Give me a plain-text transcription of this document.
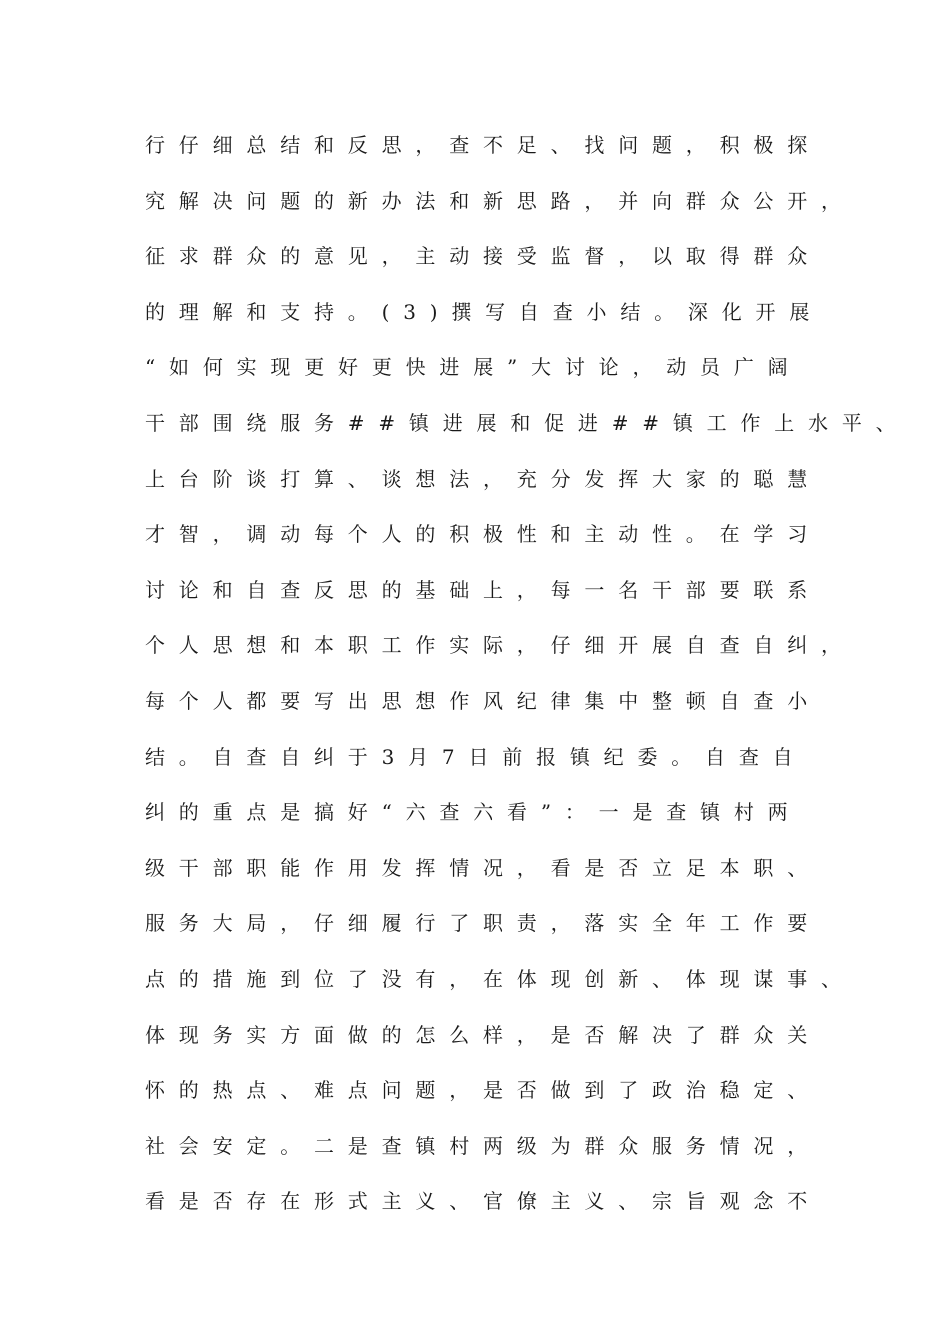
行仔细总结和反思，查不足、找问题，积极探
究解决问题的新办法和新思路，并向群众公开，
征求群众的意见，主动接受监督，以取得群众
的理解和支持。(3)撰写自查小结。深化开展
“如何实现更好更快进展”大讨论，动员广阔
干部围绕服务##镇进展和促进##镇工作上水平、
上台阶谈打算、谈想法，充分发挥大家的聪慧
才智，调动每个人的积极性和主动性。在学习
讨论和自查反思的基础上，每一名干部要联系
个人思想和本职工作实际，仔细开展自查自纠，
每个人都要写出思想作风纪律集中整顿自查小
结。自查自纠于3月7日前报镇纪委。自查自
纠的重点是搞好“六查六看”：一是查镇村两
级干部职能作用发挥情况，看是否立足本职、
服务大局，仔细履行了职责，落实全年工作要
点的措施到位了没有，在体现创新、体现谋事、
体现务实方面做的怎么样，是否解决了群众关
怀的热点、难点问题，是否做到了政治稳定、
社会安定。二是查镇村两级为群众服务情况，
看是否存在形式主义、官僚主义、宗旨观念不
